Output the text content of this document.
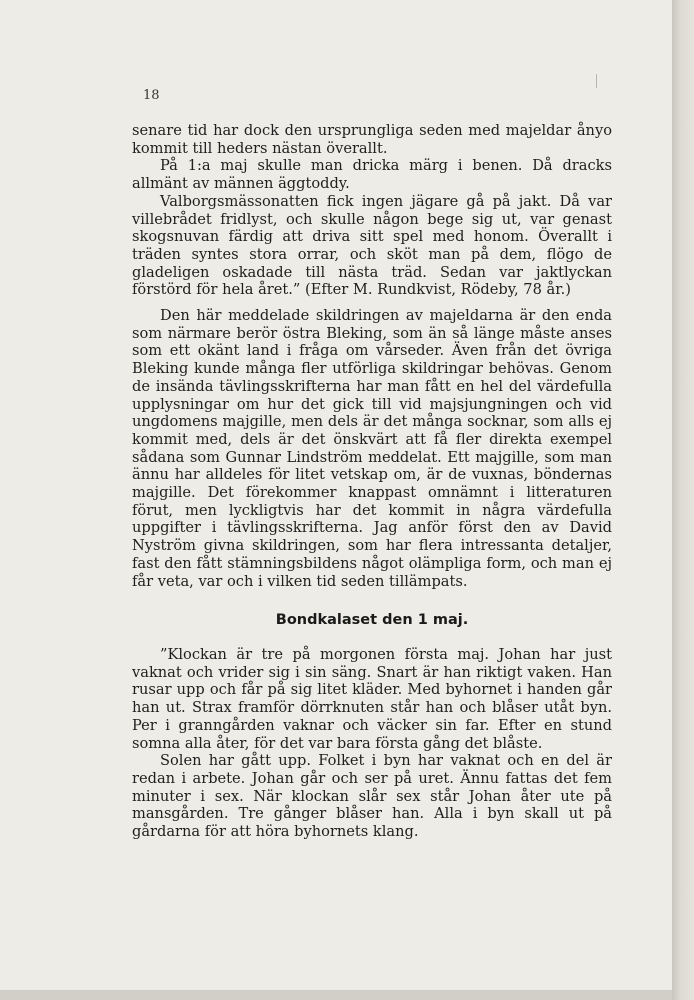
18

senare tid har dock den ursprungliga seden med majeldar ånyo kommit till heders nästan överallt.

På 1:a maj skulle man dricka märg i benen. Då dracks allmänt av männen äggtoddy.

Valborgsmässonatten fick ingen jägare gå på jakt. Då var villebrådet fridlyst, och skulle någon bege sig ut, var genast skogsnuvan färdig att driva sitt spel med honom. Överallt i träden syntes stora orrar, och sköt man på dem, flögo de gladeligen oskadade till nästa träd. Sedan var jaktlyckan förstörd för hela året.” (Efter M. Rundkvist, Rödeby, 78 år.)

Den här meddelade skildringen av majeldarna är den enda som närmare berör östra Bleking, som än så länge måste anses som ett okänt land i fråga om vårseder. Även från det övriga Bleking kunde många fler utförliga skildringar behövas. Genom de insända tävlingsskrifterna har man fått en hel del värdefulla upplysningar om hur det gick till vid majsjungningen och vid ungdomens majgille, men dels är det många socknar, som alls ej kommit med, dels är det önskvärt att få fler direkta exempel sådana som Gunnar Lindström meddelat. Ett majgille, som man ännu har alldeles för litet vetskap om, är de vuxnas, böndernas majgille. Det förekommer knappast omnämnt i litteraturen förut, men lyckligtvis har det kommit in några värdefulla uppgifter i tävlingsskrifterna. Jag anför först den av David Nyström givna skildringen, som har flera intressanta detaljer, fast den fått stämningsbildens något olämpliga form, och man ej får veta, var och i vilken tid seden tillämpats.

Bondkalaset den 1 maj.

”Klockan är tre på morgonen första maj. Johan har just vaknat och vrider sig i sin säng. Snart är han riktigt vaken. Han rusar upp och får på sig litet kläder. Med byhornet i handen går han ut. Strax framför dörrknuten står han och blåser utåt byn. Per i granngården vaknar och väcker sin far. Efter en stund somna alla åter, för det var bara första gång det blåste.

Solen har gått upp. Folket i byn har vaknat och en del är redan i arbete. Johan går och ser på uret. Ännu fattas det fem minuter i sex. När klockan slår sex står Johan åter ute på mansgården. Tre gånger blåser han. Alla i byn skall ut på gårdarna för att höra byhornets klang.
